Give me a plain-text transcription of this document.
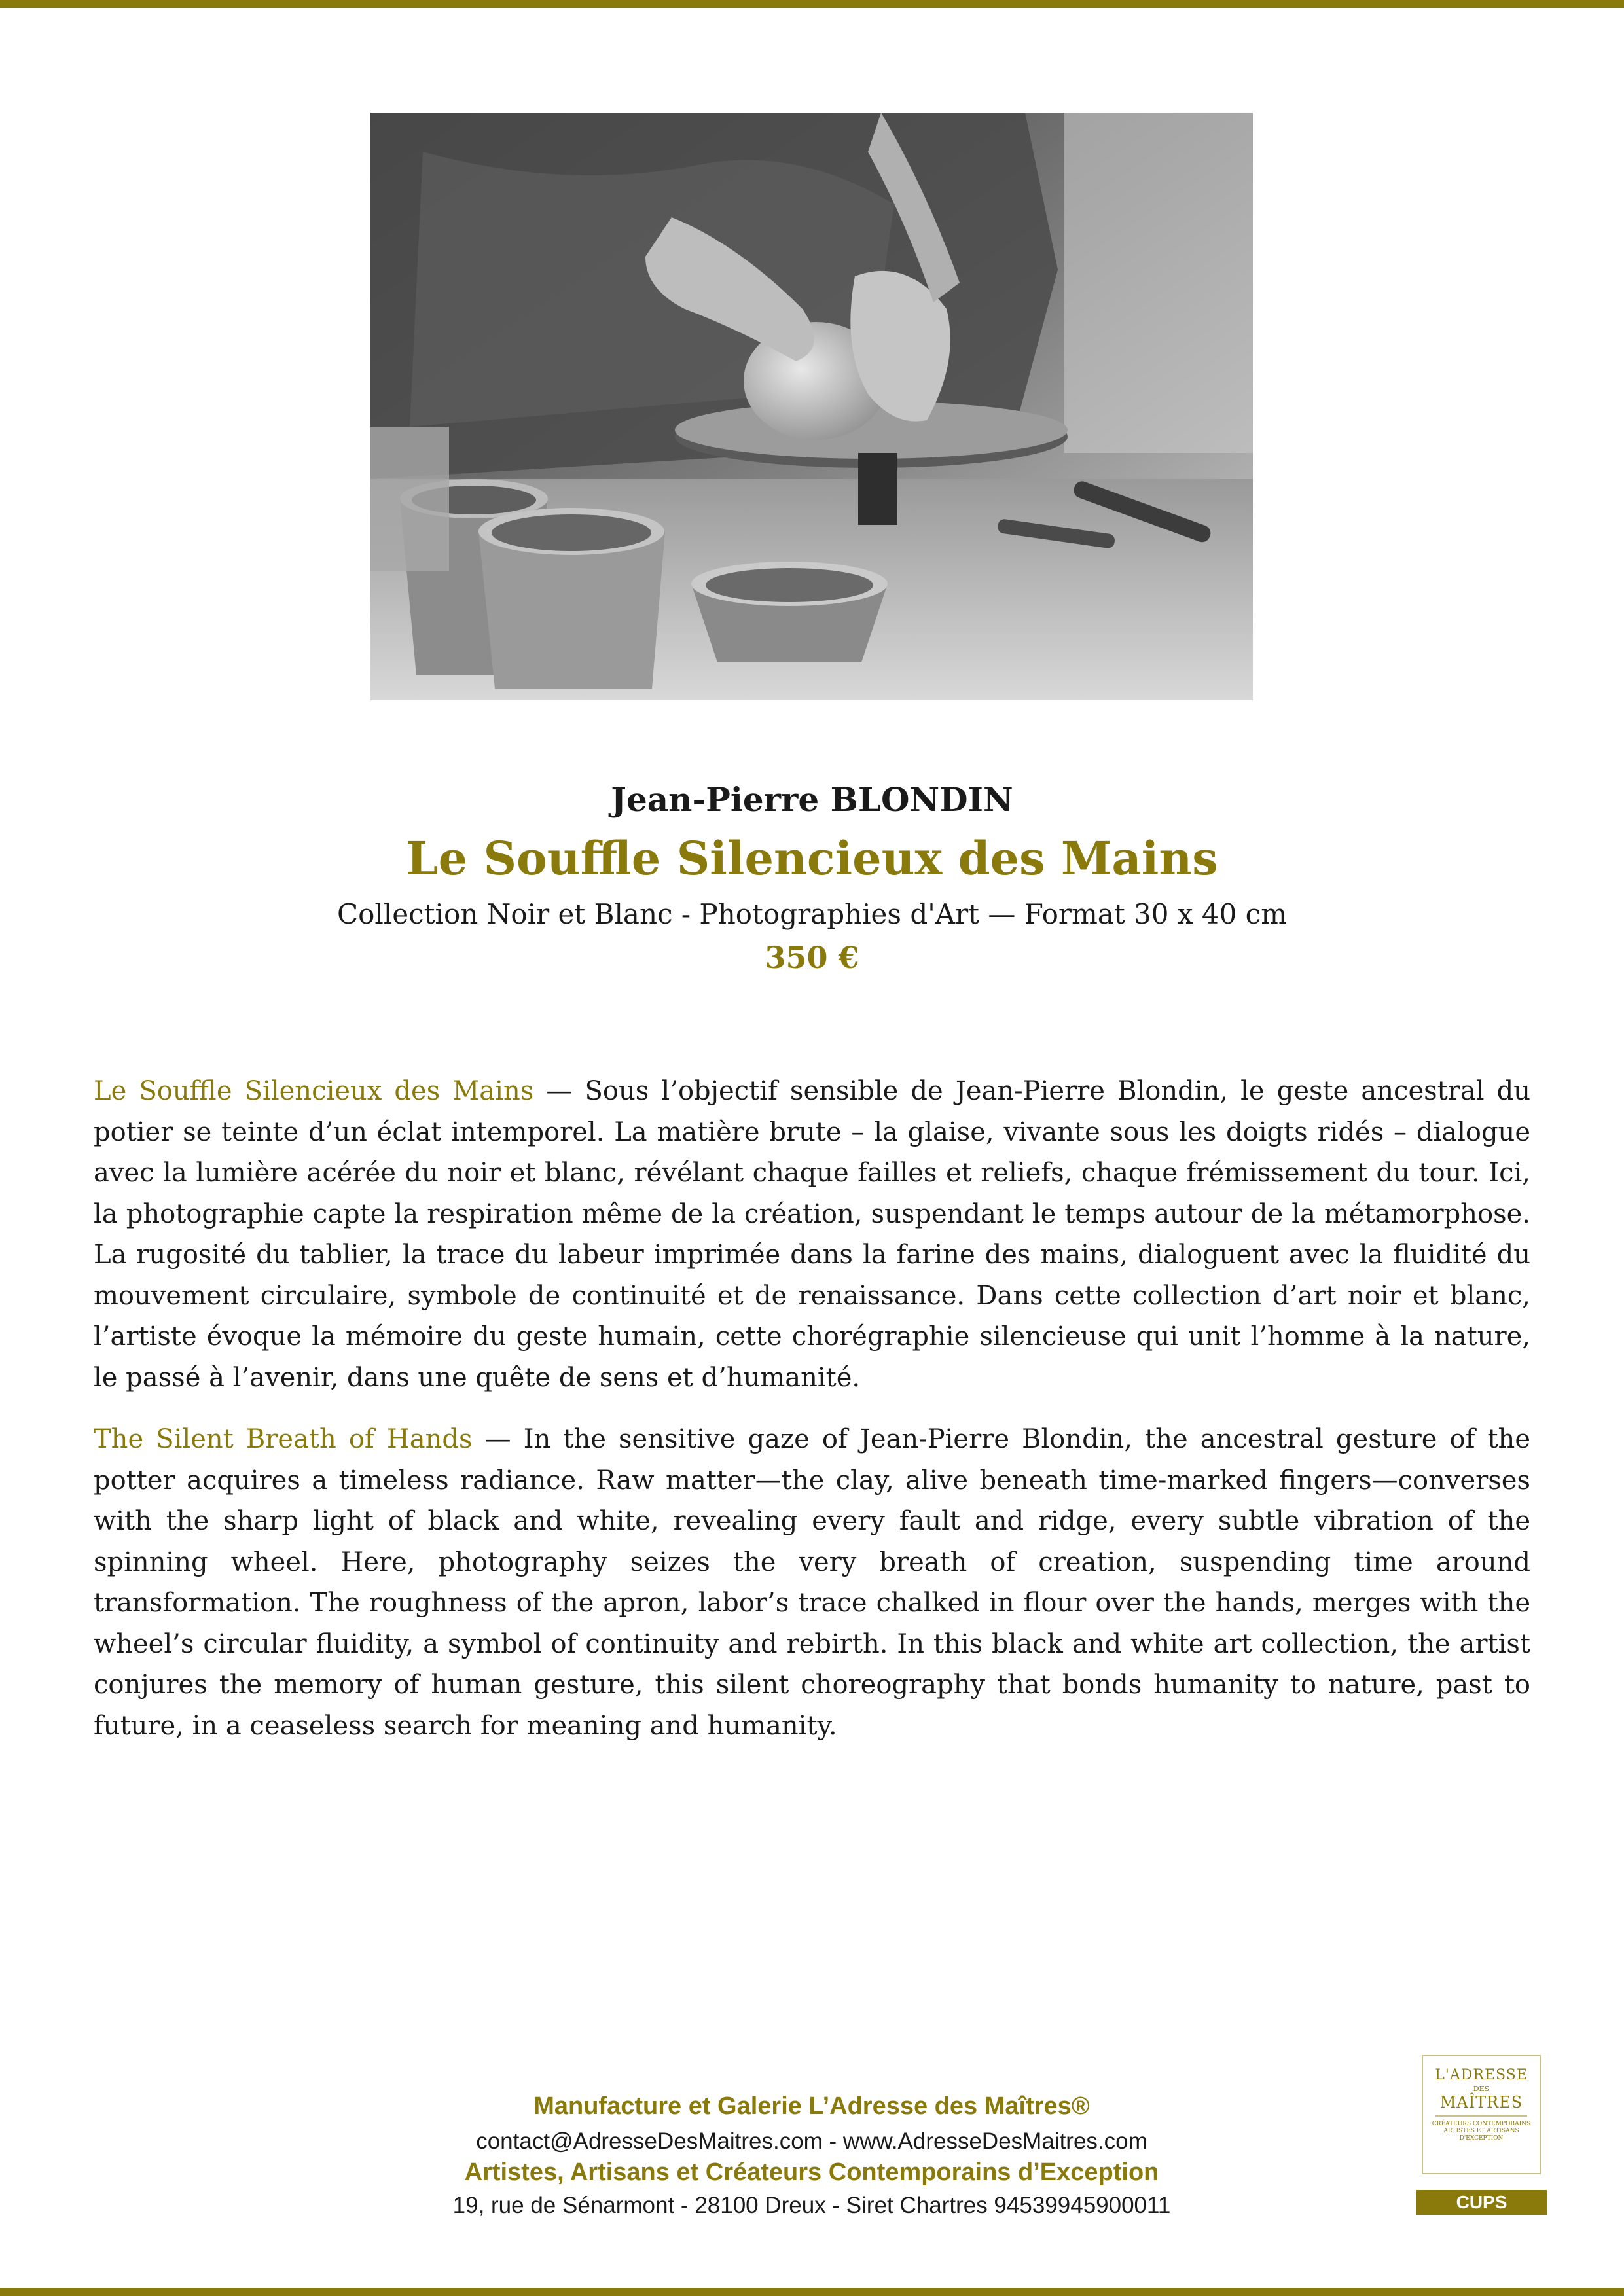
Jean-Pierre BLONDIN
Le Souffle Silencieux des Mains
Collection Noir et Blanc - Photographies d'Art — Format 30 x 40 cm
350 €

Le Souffle Silencieux des Mains — Sous l’objectif sensible de Jean-Pierre Blondin, le geste ancestral du potier se teinte d’un éclat intemporel. La matière brute – la glaise, vivante sous les doigts ridés – dialogue avec la lumière acérée du noir et blanc, révélant chaque failles et reliefs, chaque frémissement du tour. Ici, la photographie capte la respiration même de la création, suspendant le temps autour de la métamorphose. La rugosité du tablier, la trace du labeur imprimée dans la farine des mains, dialoguent avec la fluidité du mouvement circulaire, symbole de continuité et de renaissance. Dans cette collection d’art noir et blanc, l’artiste évoque la mémoire du geste humain, cette chorégraphie silencieuse qui unit l’homme à la nature, le passé à l’avenir, dans une quête de sens et d’humanité.

The Silent Breath of Hands — In the sensitive gaze of Jean-Pierre Blondin, the ancestral gesture of the potter acquires a timeless radiance. Raw matter—the clay, alive beneath time-marked fingers—converses with the sharp light of black and white, revealing every fault and ridge, every subtle vibration of the spinning wheel. Here, photography seizes the very breath of creation, suspending time around transformation. The roughness of the apron, labor’s trace chalked in flour over the hands, merges with the wheel’s circular fluidity, a symbol of continuity and rebirth. In this black and white art collection, the artist conjures the memory of human gesture, this silent choreography that bonds humanity to nature, past to future, in a ceaseless search for meaning and humanity.

Manufacture et Galerie L’Adresse des Maîtres®
contact@AdresseDesMaitres.com - www.AdresseDesMaitres.com
Artistes, Artisans et Créateurs Contemporains d’Exception
19, rue de Sénarmont - 28100 Dreux - Siret Chartres 94539945900011
L'ADRESSE
DES
MAÎTRES
CRÉATEURS CONTEMPORAINS ARTISTES ET ARTISANS D'EXCEPTION
CUPS
